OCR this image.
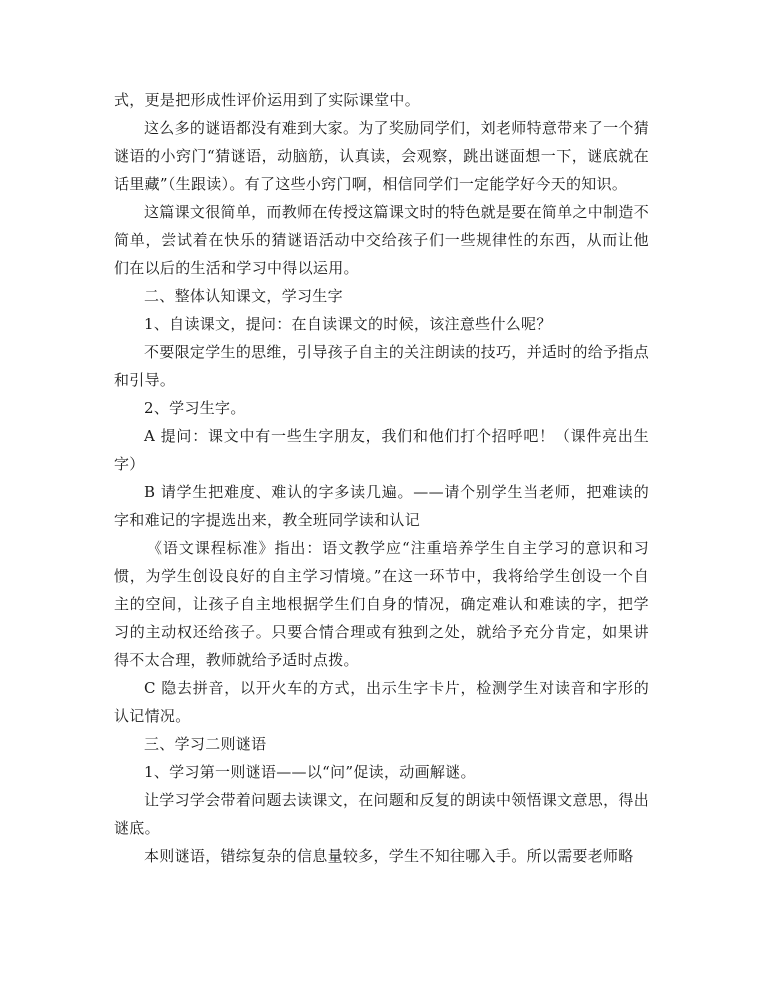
式，更是把形成性评价运用到了实际课堂中。

这么多的谜语都没有难到大家。为了奖励同学们，刘老师特意带来了一个猜谜语的小窍门“猜谜语，动脑筋，认真读，会观察，跳出谜面想一下，谜底就在话里藏”（生跟读）。有了这些小窍门啊，相信同学们一定能学好今天的知识。

这篇课文很简单，而教师在传授这篇课文时的特色就是要在简单之中制造不简单，尝试着在快乐的猜谜语活动中交给孩子们一些规律性的东西，从而让他们在以后的生活和学习中得以运用。

二、整体认知课文，学习生字

1、自读课文，提问：在自读课文的时候，该注意些什么呢？

不要限定学生的思维，引导孩子自主的关注朗读的技巧，并适时的给予指点和引导。

2、学习生字。

A 提问：课文中有一些生字朋友，我们和他们打个招呼吧！（课件亮出生字）

B 请学生把难度、难认的字多读几遍。——请个别学生当老师，把难读的字和难记的字提选出来，教全班同学读和认记

《语文课程标准》指出：语文教学应“注重培养学生自主学习的意识和习惯，为学生创设良好的自主学习情境。”在这一环节中，我将给学生创设一个自主的空间，让孩子自主地根据学生们自身的情况，确定难认和难读的字，把学习的主动权还给孩子。只要合情合理或有独到之处，就给予充分肯定，如果讲得不太合理，教师就给予适时点拨。

C 隐去拼音，以开火车的方式，出示生字卡片，检测学生对读音和字形的认记情况。

三、学习二则谜语

1、学习第一则谜语——以“问”促读，动画解谜。

让学习学会带着问题去读课文，在问题和反复的朗读中领悟课文意思，得出谜底。

本则谜语，错综复杂的信息量较多，学生不知往哪入手。所以需要老师略
